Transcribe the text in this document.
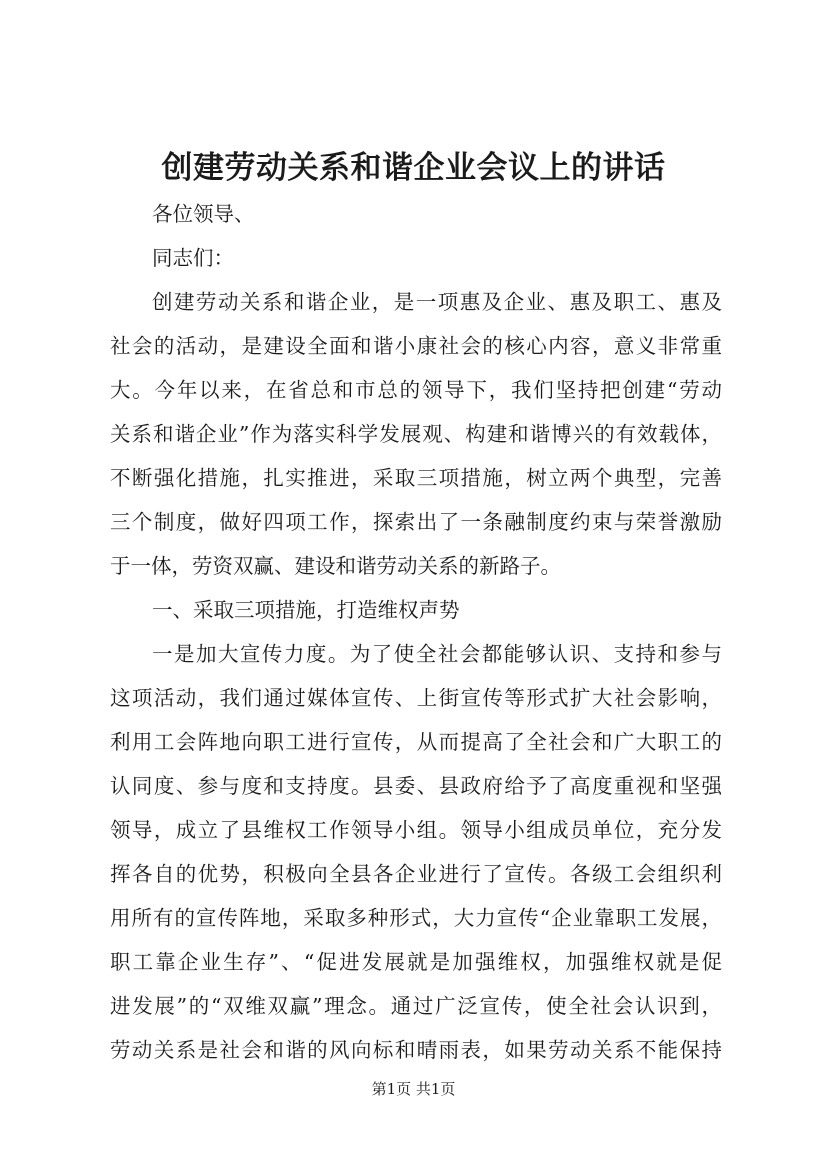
创建劳动关系和谐企业会议上的讲话
各位领导、
同志们：
创建劳动关系和谐企业，是一项惠及企业、惠及职工、惠及
社会的活动，是建设全面和谐小康社会的核心内容，意义非常重
大。今年以来，在省总和市总的领导下，我们坚持把创建“劳动
关系和谐企业”作为落实科学发展观、构建和谐博兴的有效载体，
不断强化措施，扎实推进，采取三项措施，树立两个典型，完善
三个制度，做好四项工作，探索出了一条融制度约束与荣誉激励
于一体，劳资双赢、建设和谐劳动关系的新路子。
一、采取三项措施，打造维权声势
一是加大宣传力度。为了使全社会都能够认识、支持和参与
这项活动，我们通过媒体宣传、上街宣传等形式扩大社会影响，
利用工会阵地向职工进行宣传，从而提高了全社会和广大职工的
认同度、参与度和支持度。县委、县政府给予了高度重视和坚强
领导，成立了县维权工作领导小组。领导小组成员单位，充分发
挥各自的优势，积极向全县各企业进行了宣传。各级工会组织利
用所有的宣传阵地，采取多种形式，大力宣传“企业靠职工发展，
职工靠企业生存”、“促进发展就是加强维权，加强维权就是促
进发展”的“双维双赢”理念。通过广泛宣传，使全社会认识到，
劳动关系是社会和谐的风向标和晴雨表，如果劳动关系不能保持
第1页 共1页
